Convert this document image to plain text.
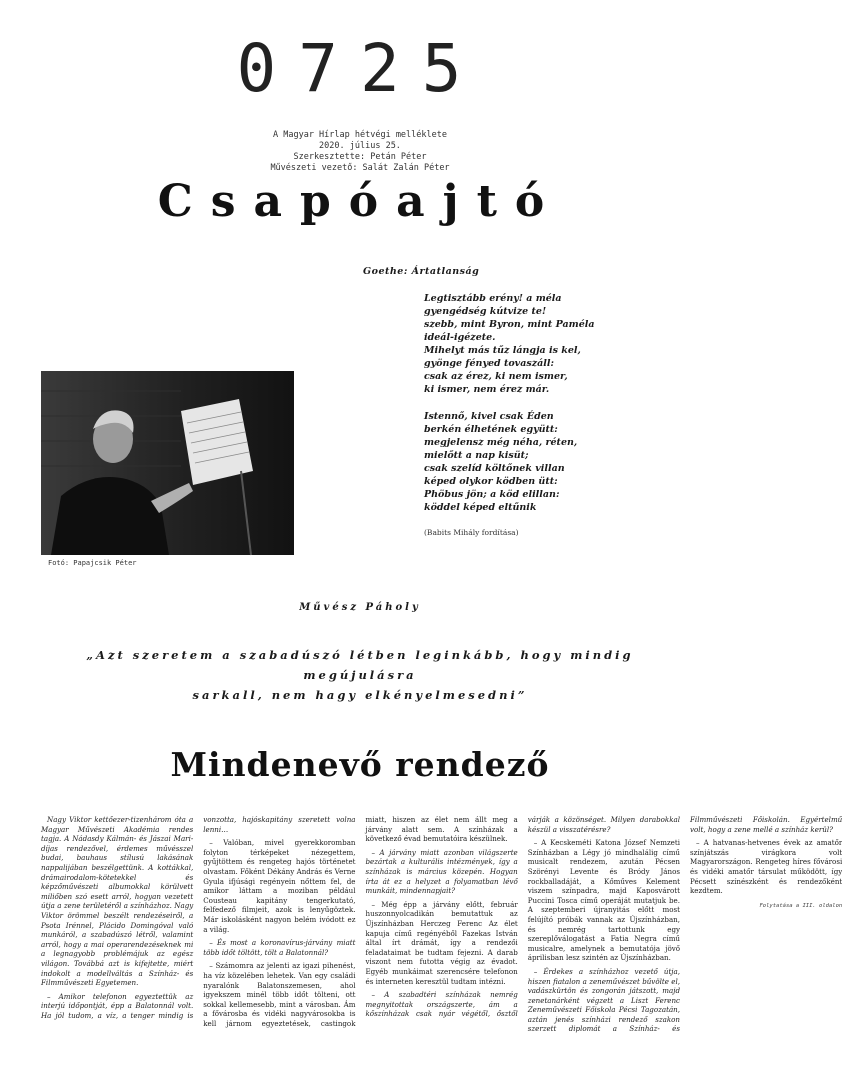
0725
A Magyar Hírlap hétvégi melléklete
2020. július 25.
Szerkesztette: Petán Péter
Művészeti vezető: Salát Zalán Péter
Csapóajtó
Goethe: Ártatlanság
Legtisztább erény! a méla
gyengédség kútvize te!
szebb, mint Byron, mint Paméla
ideál-igézete.
Mihelyt más tűz lángja is kel,
gyönge fényed tovaszáll:
csak az érez, ki nem ismer,
ki ismer, nem érez már.
Istennő, kivel csak Éden
berkén élhetének együtt:
megjelensz még néha, réten,
mielőtt a nap kisüt;
csak szelíd költőnek villan
képed olykor ködben ütt:
Phöbus jön; a köd elillan:
köddel képed eltűnik
(Babits Mihály fordítása)
Fotó: Papajcsik Péter
Művész Páholy
„Azt szeretem a szabadúszó létben leginkább, hogy mindig megújulásra
sarkall, nem hagy elkényelmesedni”
Mindenevő rendező

Nagy Viktor kettőezer-tizenhárom óta a Magyar Művészeti Akadémia rendes tagja. A Nádasdy Kálmán- és Jászai Mari-díjas rendezővel, érdemes művésszel budai, bauhaus stílusú lakásának nappalijában beszélgettünk. A kottákkal, drámairodalom-kötetekkel és képzőművészeti albumokkal körülvett miliőben szó esett arról, hogyan vezetett útja a zene területéről a színházhoz. Nagy Viktor örömmel beszélt rendezéseiről, a Psota Irénnel, Plácido Domingóval való munkáról, a szabadúszó létről, valamint arról, hogy a mai operarendezéseknek mi a legnagyobb problémájuk az egész világon. Továbbá azt is kifejtette, miért indokolt a modellváltás a Színház- és Filmművészeti Egyetemen.

– Amikor telefonon egyeztettük az interjú időpontját, épp a Balatonnál volt. Ha jól tudom, a víz, a tenger mindig is vonzotta, hajóskapitány szeretett volna lenni…

– Valóban, mivel gyerekkoromban folyton térképeket nézegettem, gyűjtöttem és rengeteg hajós történetet olvastam. Főként Dékány András és Verne Gyula ifjúsági regényein nőttem fel, de amikor láttam a moziban például Cousteau kapitány tengerkutató, felfedező filmjeit, azok is lenyűgöztek. Már iskolásként nagyon belém ivódott ez a világ.

– És most a koronavírus-járvány miatt több időt töltött, tölt a Balatonnál?

– Számomra az jelenti az igazi pihenést, ha víz közelében lehetek. Van egy családi nyaralónk Balatonszemesen, ahol igyekszem minél több időt tölteni, ott sokkal kellemesebb, mint a városban. Ám a fővárosba és vidéki nagyvárosokba is kell járnom egyeztetések, castingok miatt, hiszen az élet nem állt meg a járvány alatt sem. A színházak a következő évad bemutatóira készülnek.

– A járvány miatt azonban világszerte bezártak a kulturális intézmények, így a színházak is március közepén. Hogyan írta át ez a helyzet a folyamatban lévő munkáit, mindennapjait?

– Még épp a járvány előtt, február huszonnyolcadikán bemutattuk az Újszínházban Herczeg Ferenc Az élet kapuja című regényéből Fazekas István által írt drámát, így a rendezői feladataimat be tudtam fejezni. A darab viszont nem futotta végig az évadot. Egyéb munkáimat szerencsére telefonon és interneten keresztül tudtam intézni.

– A szabadtéri színházak nemrég megnyitottak országszerte, ám a kőszínházak csak nyár végétől, ősztől várják a közönséget. Milyen darabokkal készül a visszatérésre?

– A Kecskeméti Katona József Nemzeti Színházban a Légy jó mindhalálig című musicalt rendezem, azután Pécsen Szörényi Levente és Bródy János rockballadáját, a Kőműves Kelement viszem színpadra, majd Kaposvárott Puccini Tosca című operáját mutatjuk be. A szeptemberi újranyitás előtt most felújító próbák vannak az Újszínházban, és nemrég tartottunk egy szereplőválogatást a Fatia Negra című musicalre, amelynek a bemutatója jövő áprilisban lesz szintén az Újszínházban.

– Érdekes a színházhoz vezető útja, hiszen fiatalon a zeneművészet bűvölte el, vadászkürtön és zongorán játszott, majd zenetanárként végzett a Liszt Ferenc Zeneművészeti Főiskola Pécsi Tagozatán, aztán jenés színházi rendező szakon szerzett diplomát a Színház- és Filmművészeti Főiskolán. Egyértelmű volt, hogy a zene mellé a színház kerül?

– A hatvanas-hetvenes évek az amatőr színjátszás virágkora volt Magyarországon. Rengeteg híres fővárosi és vidéki amatőr társulat működött, így Pécsett színészként és rendezőként kezdtem.

Folytatása a III. oldalon
